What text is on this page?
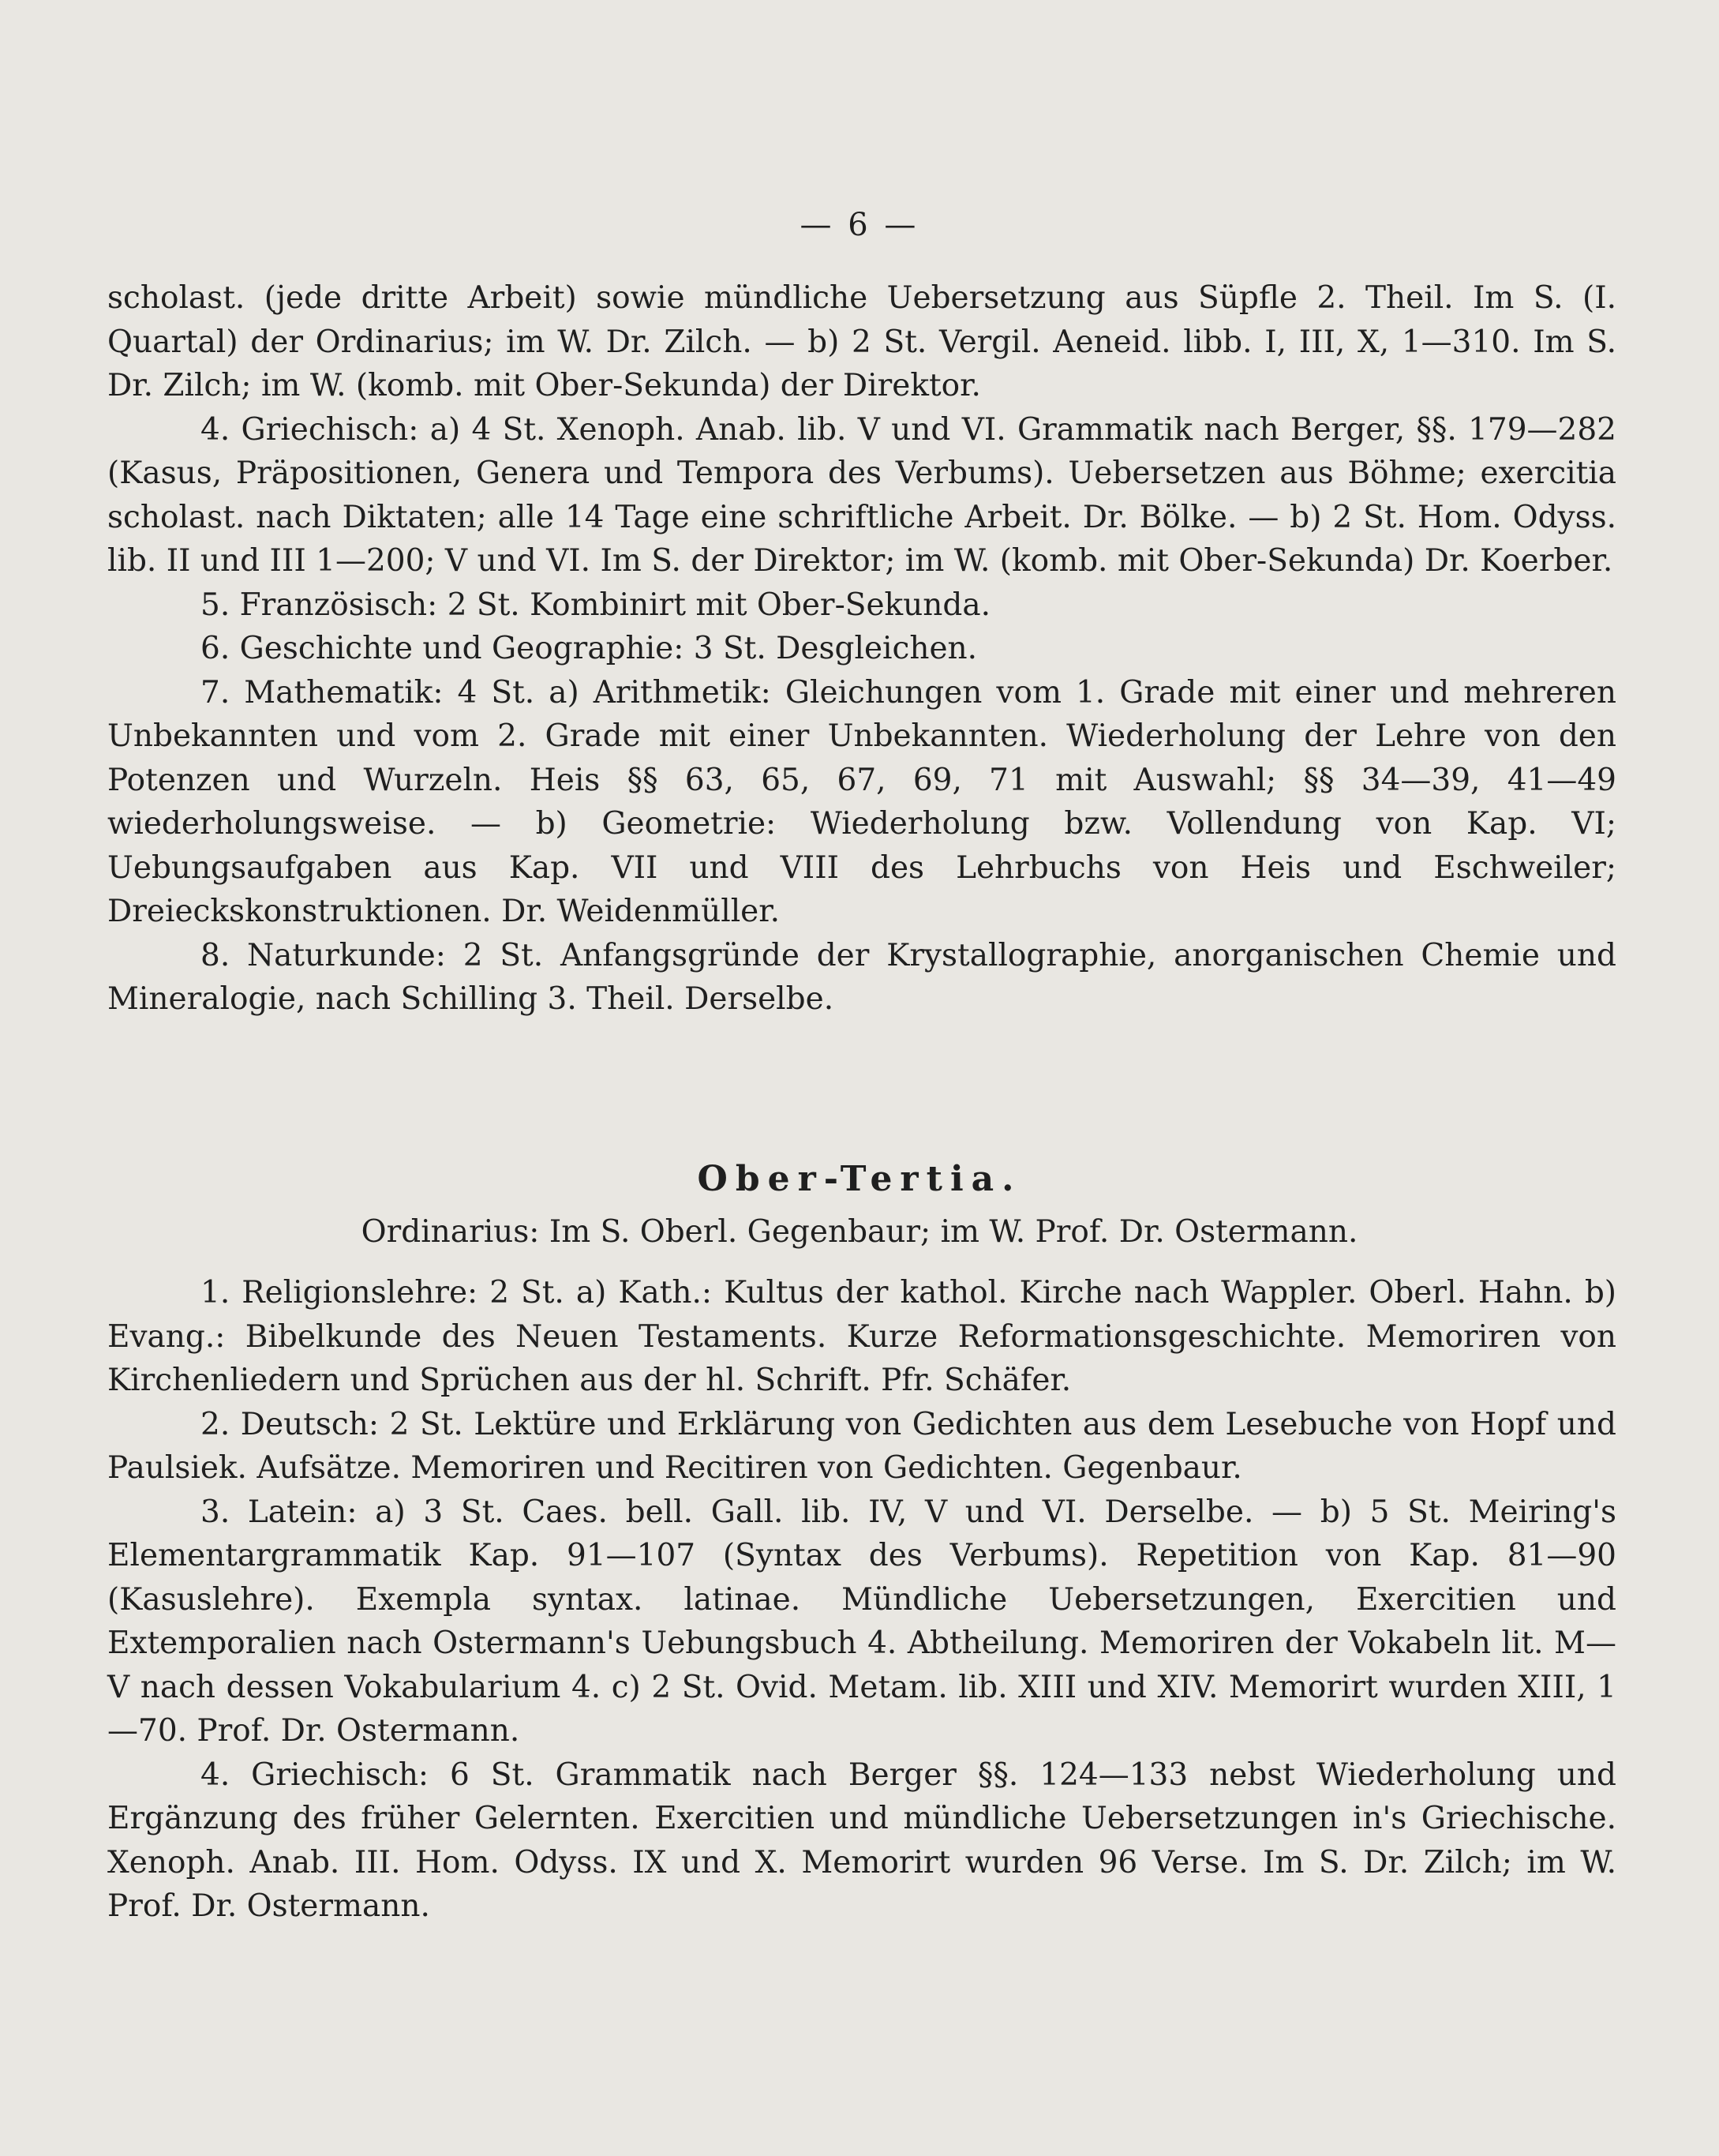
— 6 —

scholast. (jede dritte Arbeit) sowie mündliche Uebersetzung aus Süpfle 2. Theil. Im S. (I. Quartal) der Ordinarius; im W. Dr. Zilch. — b) 2 St. Vergil. Aeneid. libb. I, III, X, 1—310. Im S. Dr. Zilch; im W. (komb. mit Ober-Sekunda) der Direktor.

4. Griechisch: a) 4 St. Xenoph. Anab. lib. V und VI. Grammatik nach Berger, §§. 179—282 (Kasus, Präpositionen, Genera und Tempora des Verbums). Uebersetzen aus Böhme; exercitia scholast. nach Diktaten; alle 14 Tage eine schriftliche Arbeit. Dr. Bölke. — b) 2 St. Hom. Odyss. lib. II und III 1—200; V und VI. Im S. der Direktor; im W. (komb. mit Ober-Sekunda) Dr. Koerber.

5. Französisch: 2 St. Kombinirt mit Ober-Sekunda.

6. Geschichte und Geographie: 3 St. Desgleichen.

7. Mathematik: 4 St. a) Arithmetik: Gleichungen vom 1. Grade mit einer und mehreren Unbekannten und vom 2. Grade mit einer Unbekannten. Wiederholung der Lehre von den Potenzen und Wurzeln. Heis §§ 63, 65, 67, 69, 71 mit Auswahl; §§ 34—39, 41—49 wiederholungsweise. — b) Geometrie: Wiederholung bzw. Vollendung von Kap. VI; Uebungsaufgaben aus Kap. VII und VIII des Lehrbuchs von Heis und Eschweiler; Dreieckskonstruktionen. Dr. Weidenmüller.

8. Naturkunde: 2 St. Anfangsgründe der Krystallographie, anorganischen Chemie und Mineralogie, nach Schilling 3. Theil. Derselbe.

Ober-Tertia.
Ordinarius: Im S. Oberl. Gegenbaur; im W. Prof. Dr. Ostermann.

1. Religionslehre: 2 St. a) Kath.: Kultus der kathol. Kirche nach Wappler. Oberl. Hahn. b) Evang.: Bibelkunde des Neuen Testaments. Kurze Reformationsgeschichte. Memoriren von Kirchenliedern und Sprüchen aus der hl. Schrift. Pfr. Schäfer.

2. Deutsch: 2 St. Lektüre und Erklärung von Gedichten aus dem Lesebuche von Hopf und Paulsiek. Aufsätze. Memoriren und Recitiren von Gedichten. Gegenbaur.

3. Latein: a) 3 St. Caes. bell. Gall. lib. IV, V und VI. Derselbe. — b) 5 St. Meiring's Elementargrammatik Kap. 91—107 (Syntax des Verbums). Repetition von Kap. 81—90 (Kasuslehre). Exempla syntax. latinae. Mündliche Uebersetzungen, Exercitien und Extemporalien nach Ostermann's Uebungsbuch 4. Abtheilung. Memoriren der Vokabeln lit. M—V nach dessen Vokabularium 4. c) 2 St. Ovid. Metam. lib. XIII und XIV. Memorirt wurden XIII, 1—70. Prof. Dr. Ostermann.

4. Griechisch: 6 St. Grammatik nach Berger §§. 124—133 nebst Wiederholung und Ergänzung des früher Gelernten. Exercitien und mündliche Uebersetzungen in's Griechische. Xenoph. Anab. III. Hom. Odyss. IX und X. Memorirt wurden 96 Verse. Im S. Dr. Zilch; im W. Prof. Dr. Ostermann.
